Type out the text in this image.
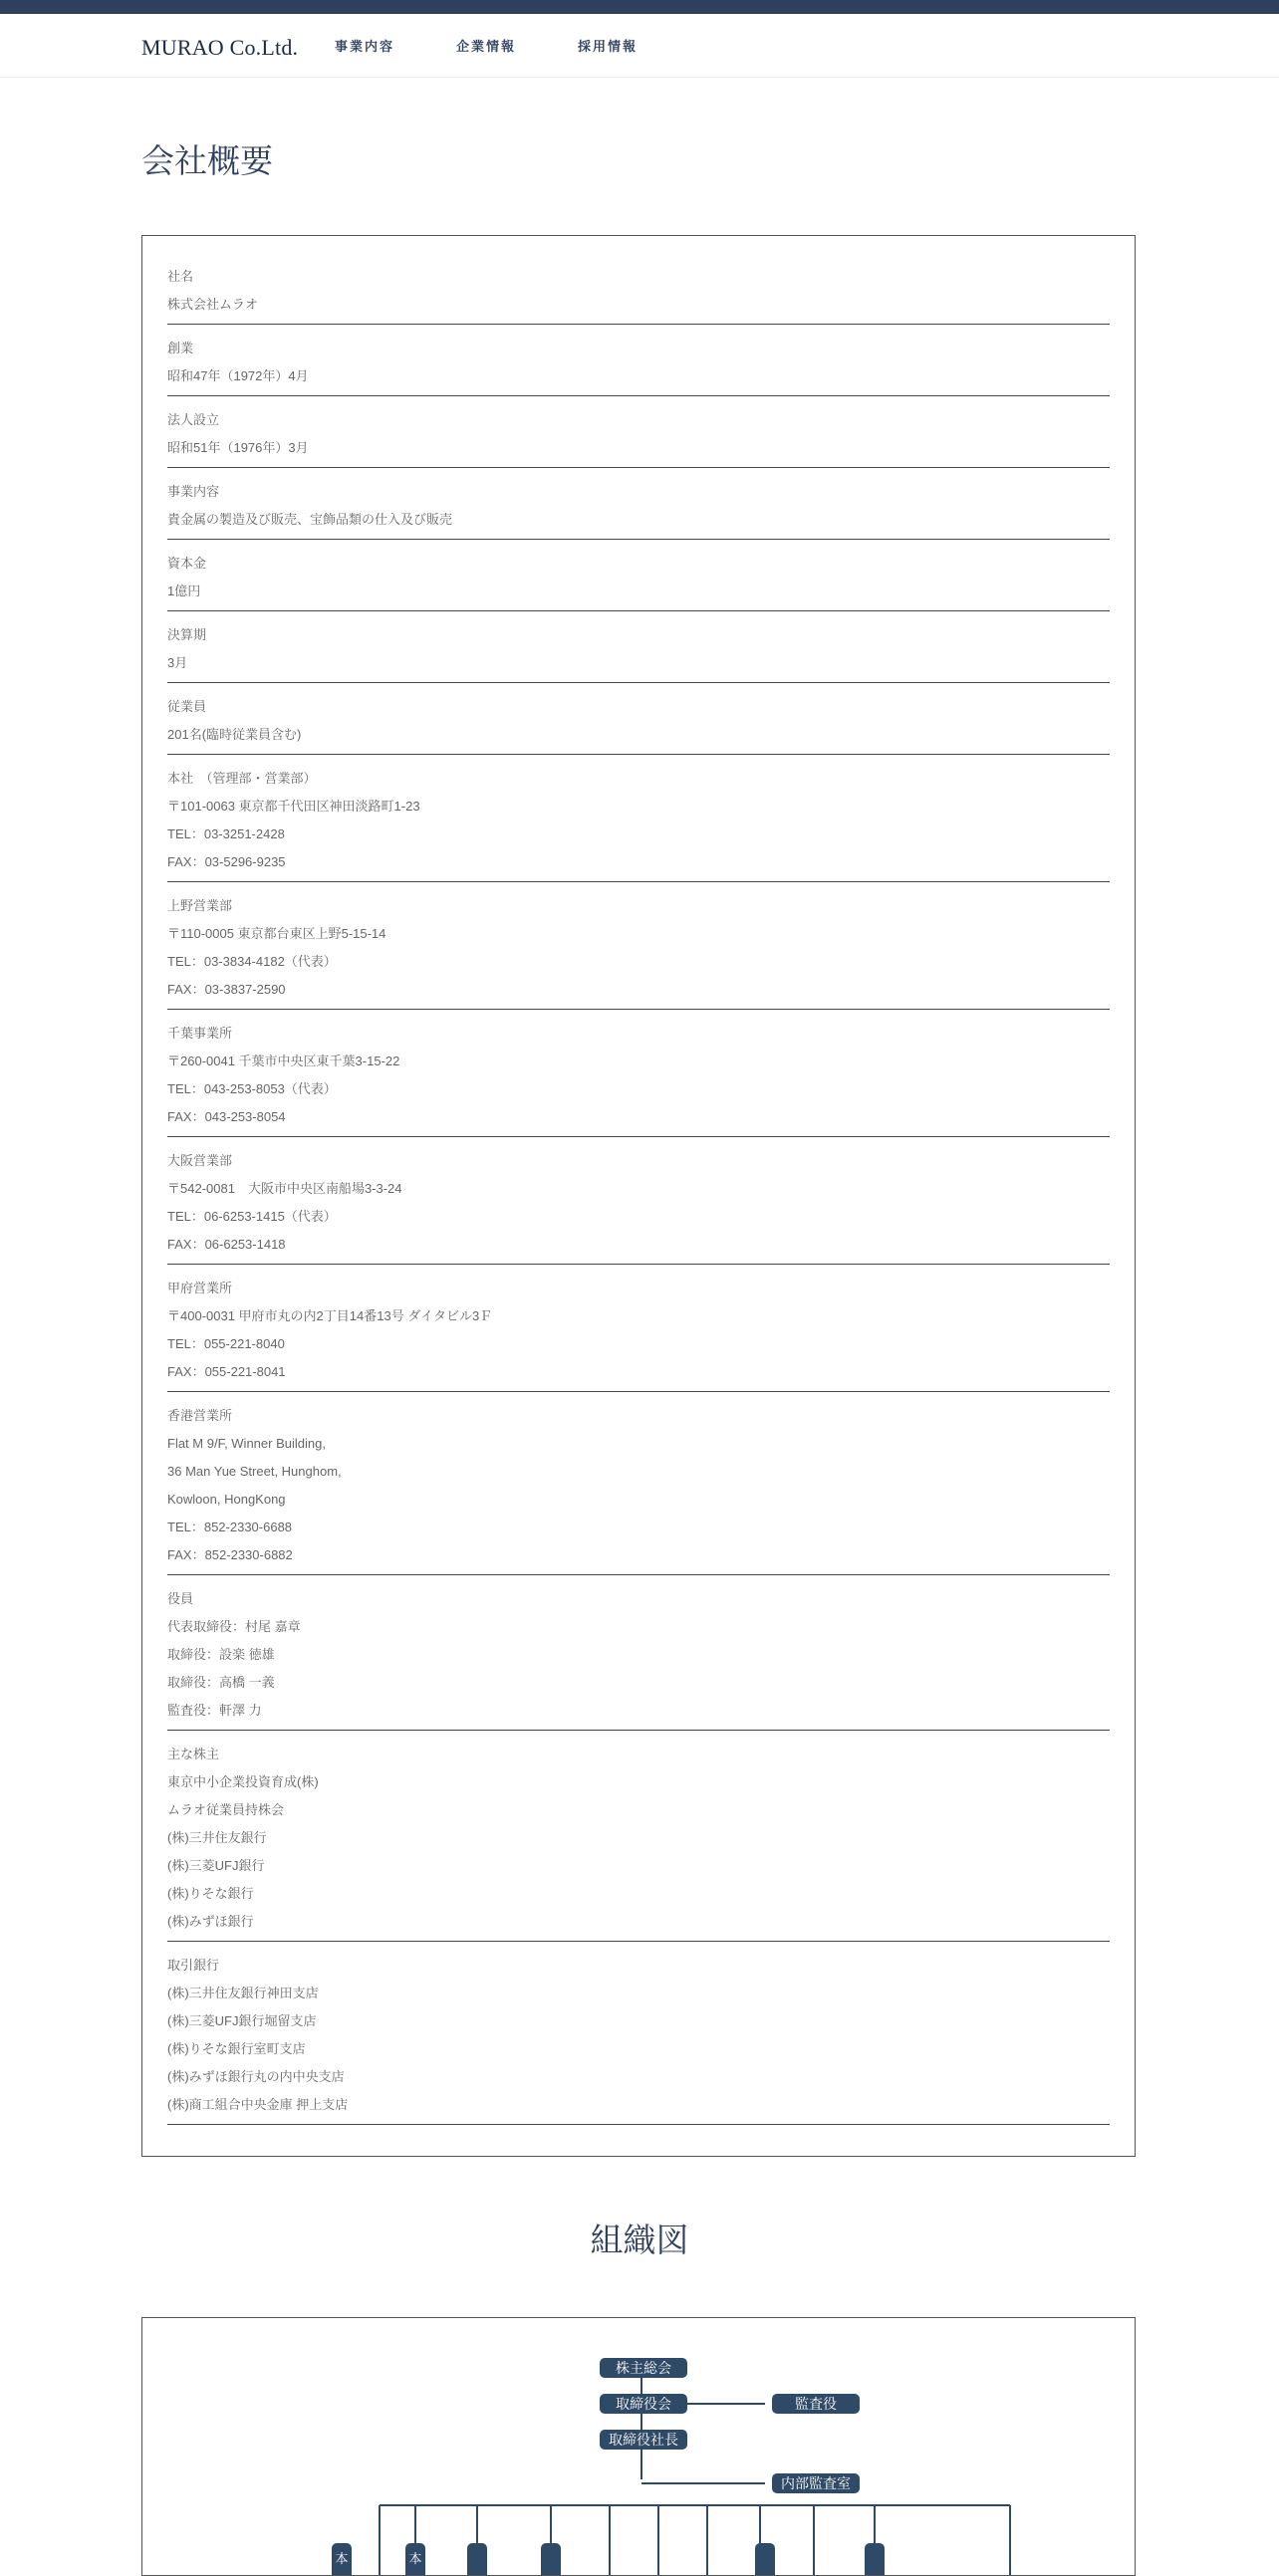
MURAO Co.Ltd.	事業内容	企業情報	採用情報
会社概要
社名
株式会社ムラオ
創業
昭和47年（1972年）4月
法人設立
昭和51年（1976年）3月
事業内容
貴金属の製造及び販売、宝飾品類の仕入及び販売
資本金
1億円
決算期
3月
従業員
201名(臨時従業員含む)
本社　（管理部・営業部）
〒101-0063 東京都千代田区神田淡路町1-23
TEL：03-3251-2428
FAX：03-5296-9235
上野営業部
〒110-0005 東京都台東区上野5-15-14
TEL：03-3834-4182（代表）
FAX：03-3837-2590
千葉事業所
〒260-0041 千葉市中央区東千葉3-15-22
TEL：043-253-8053（代表）
FAX：043-253-8054
大阪営業部
〒542-0081　大阪市中央区南船場3-3-24
TEL：06-6253-1415（代表）
FAX：06-6253-1418
甲府営業所
〒400-0031 甲府市丸の内2丁目14番13号 ダイタビル3Ｆ
TEL：055-221-8040
FAX：055-221-8041
香港営業所
Flat M 9/F, Winner Building,
36 Man Yue Street, Hunghom,
Kowloon, HongKong
TEL：852-2330-6688
FAX：852-2330-6882
役員
代表取締役：村尾 嘉章
取締役：設楽 徳雄
取締役：高橋 一義
監査役：軒澤 力
主な株主
東京中小企業投資育成(株)
ムラオ従業員持株会
(株)三井住友銀行
(株)三菱UFJ銀行
(株)りそな銀行
(株)みずほ銀行
取引銀行
(株)三井住友銀行神田支店
(株)三菱UFJ銀行堀留支店
(株)りそな銀行室町支店
(株)みずほ銀行丸の内中央支店
(株)商工組合中央金庫 押上支店
組織図
株主総会
取締役会	監査役
取締役社長
内部監査室
本	本
